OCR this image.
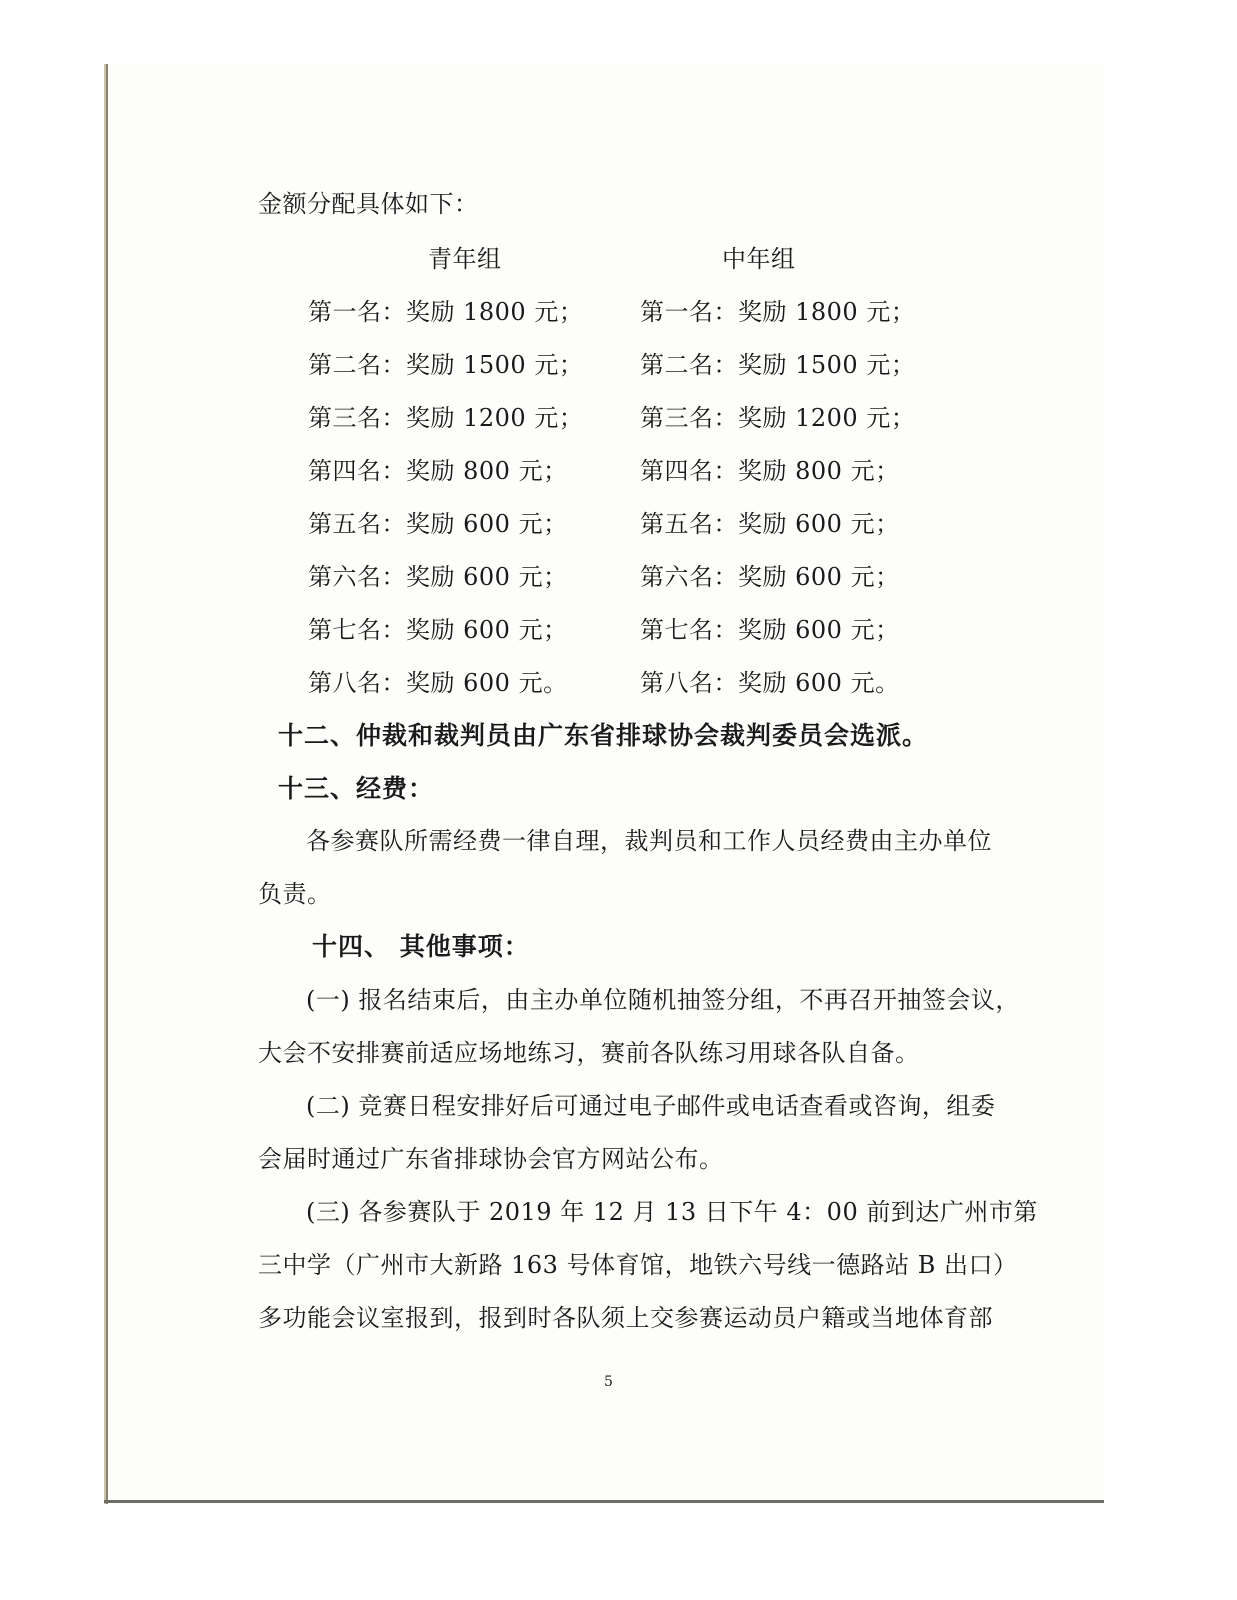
金额分配具体如下：
青年组	中年组
第一名：奖励 1800 元；
第二名：奖励 1500 元；
第三名：奖励 1200 元；
第四名：奖励 800 元；
第五名：奖励 600 元；
第六名：奖励 600 元；
第七名：奖励 600 元；
第八名：奖励 600 元。
第一名：奖励 1800 元；
第二名：奖励 1500 元；
第三名：奖励 1200 元；
第四名：奖励 800 元；
第五名：奖励 600 元；
第六名：奖励 600 元；
第七名：奖励 600 元；
第八名：奖励 600 元。
十二、仲裁和裁判员由广东省排球协会裁判委员会选派。
十三、经费：
各参赛队所需经费一律自理，裁判员和工作人员经费由主办单位
负责。
十四、 其他事项：
(一) 报名结束后，由主办单位随机抽签分组，不再召开抽签会议，
大会不安排赛前适应场地练习，赛前各队练习用球各队自备。
(二) 竞赛日程安排好后可通过电子邮件或电话查看或咨询，组委
会届时通过广东省排球协会官方网站公布。
(三) 各参赛队于 2019 年 12 月 13 日下午 4：00 前到达广州市第
三中学（广州市大新路 163 号体育馆，地铁六号线一德路站 B 出口）
多功能会议室报到，报到时各队须上交参赛运动员户籍或当地体育部
5
